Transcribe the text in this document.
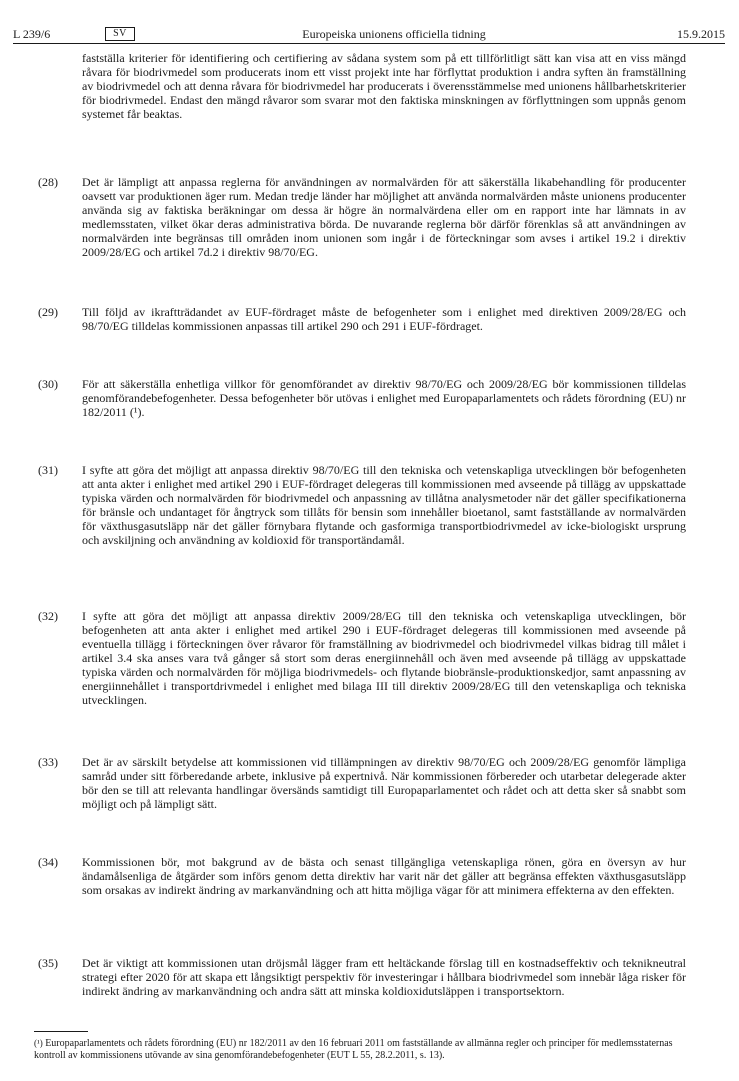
L 239/6	SV	Europeiska unionens officiella tidning	15.9.2015
fastställa kriterier för identifiering och certifiering av sådana system som på ett tillförlitligt sätt kan visa att en viss mängd råvara för biodrivmedel som producerats inom ett visst projekt inte har förflyttat produktion i andra syften än framställning av biodrivmedel och att denna råvara för biodrivmedel har producerats i överensstämmelse med unionens hållbarhetskriterier för biodrivmedel. Endast den mängd råvaror som svarar mot den faktiska minskningen av förflyttningen som uppnås genom systemet får beaktas.
(28) Det är lämpligt att anpassa reglerna för användningen av normalvärden för att säkerställa likabehandling för producenter oavsett var produktionen äger rum. Medan tredje länder har möjlighet att använda normalvärden måste unionens producenter använda sig av faktiska beräkningar om dessa är högre än normalvärdena eller om en rapport inte har lämnats in av medlemsstaten, vilket ökar deras administrativa börda. De nuvarande reglerna bör därför förenklas så att användningen av normalvärden inte begränsas till områden inom unionen som ingår i de förteckningar som avses i artikel 19.2 i direktiv 2009/28/EG och artikel 7d.2 i direktiv 98/70/EG.
(29) Till följd av ikraftträdandet av EUF-fördraget måste de befogenheter som i enlighet med direktiven 2009/28/EG och 98/70/EG tilldelas kommissionen anpassas till artikel 290 och 291 i EUF-fördraget.
(30) För att säkerställa enhetliga villkor för genomförandet av direktiv 98/70/EG och 2009/28/EG bör kommissionen tilldelas genomförandebefogenheter. Dessa befogenheter bör utövas i enlighet med Europaparlamentets och rådets förordning (EU) nr 182/2011 (¹).
(31) I syfte att göra det möjligt att anpassa direktiv 98/70/EG till den tekniska och vetenskapliga utvecklingen bör befogenheten att anta akter i enlighet med artikel 290 i EUF-fördraget delegeras till kommissionen med avseende på tillägg av uppskattade typiska värden och normalvärden för biodrivmedel och anpassning av tillåtna analysmetoder när det gäller specifikationerna för bränsle och undantaget för ångtryck som tillåts för bensin som innehåller bioetanol, samt fastställande av normalvärden för växthusgasutsläpp när det gäller förnybara flytande och gasformiga transportbiodrivmedel av icke-biologiskt ursprung och avskiljning och användning av koldioxid för transportändamål.
(32) I syfte att göra det möjligt att anpassa direktiv 2009/28/EG till den tekniska och vetenskapliga utvecklingen, bör befogenheten att anta akter i enlighet med artikel 290 i EUF-fördraget delegeras till kommissionen med avseende på eventuella tillägg i förteckningen över råvaror för framställning av biodrivmedel och biodrivmedel vilkas bidrag till målet i artikel 3.4 ska anses vara två gånger så stort som deras energiinnehåll och även med avseende på tillägg av uppskattade typiska värden och normalvärden för möjliga biodrivmedels- och flytande biobränsle-produktionskedjor, samt anpassning av energiinnehållet i transportdrivmedel i enlighet med bilaga III till direktiv 2009/28/EG till den vetenskapliga och tekniska utvecklingen.
(33) Det är av särskilt betydelse att kommissionen vid tillämpningen av direktiv 98/70/EG och 2009/28/EG genomför lämpliga samråd under sitt förberedande arbete, inklusive på expertnivå. När kommissionen förbereder och utarbetar delegerade akter bör den se till att relevanta handlingar översänds samtidigt till Europaparlamentet och rådet och att detta sker så snabbt som möjligt och på lämpligt sätt.
(34) Kommissionen bör, mot bakgrund av de bästa och senast tillgängliga vetenskapliga rönen, göra en översyn av hur ändamålsenliga de åtgärder som införs genom detta direktiv har varit när det gäller att begränsa effekten växthusgasutsläpp som orsakas av indirekt ändring av markanvändning och att hitta möjliga vägar för att minimera effekterna av den effekten.
(35) Det är viktigt att kommissionen utan dröjsmål lägger fram ett heltäckande förslag till en kostnadseffektiv och teknikneutral strategi efter 2020 för att skapa ett långsiktigt perspektiv för investeringar i hållbara biodrivmedel som innebär låga risker för indirekt ändring av markanvändning och andra sätt att minska koldioxidutsläppen i transportsektorn.
(¹) Europaparlamentets och rådets förordning (EU) nr 182/2011 av den 16 februari 2011 om fastställande av allmänna regler och principer för medlemsstaternas kontroll av kommissionens utövande av sina genomförandebefogenheter (EUT L 55, 28.2.2011, s. 13).
